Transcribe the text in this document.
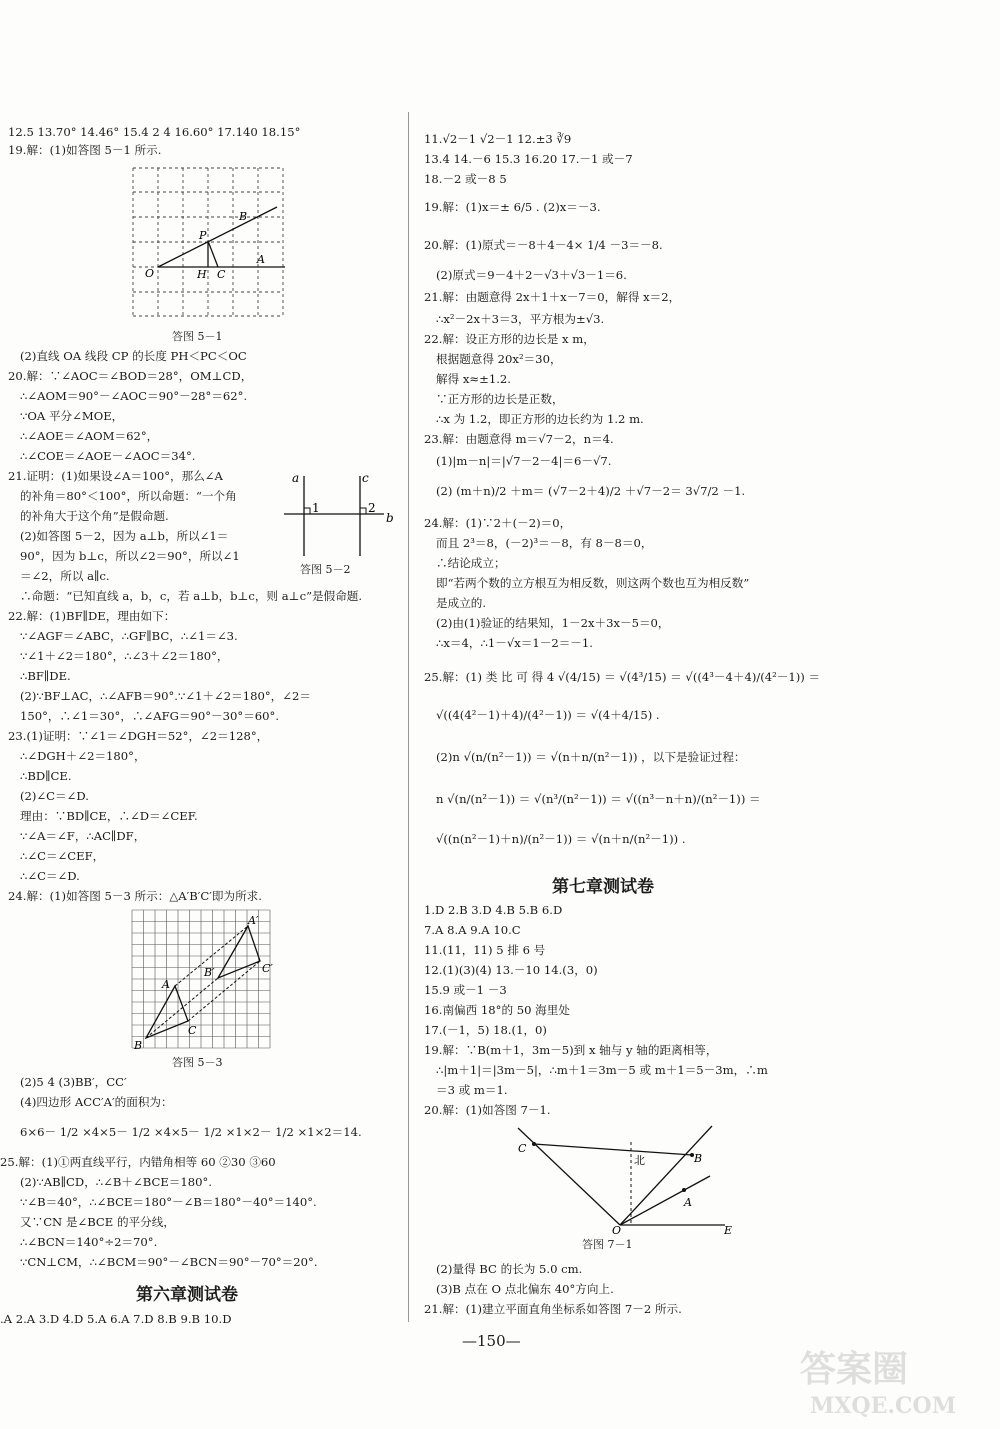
12.5 13.70° 14.46° 15.4 2 4 16.60° 17.140 18.15°
19.解：(1)如答图 5－1 所示.
B
P
O	H C
A
答图 5－1
(2)直线 OA 线段 CP 的长度 PH＜PC＜OC
20.解：∵∠AOC＝∠BOD＝28°，OM⊥CD，
∴∠AOM＝90°－∠AOC＝90°－28°＝62°.
∵OA 平分∠MOE，
∴∠AOE＝∠AOM＝62°，
∴∠COE＝∠AOE－∠AOC＝34°.
21.证明：(1)如果设∠A＝100°，那么∠A
的补角＝80°＜100°，所以命题：“一个角
的补角大于这个角”是假命题.
(2)如答图 5－2，因为 a⊥b，所以∠1＝
90°，因为 b⊥c，所以∠2＝90°，所以∠1
＝∠2，所以 a∥c.
a	c
b
1	2
答图 5－2
∴命题：“已知直线 a，b，c，若 a⊥b，b⊥c，则 a⊥c”是假命题.
22.解：(1)BF∥DE，理由如下：
∵∠AGF＝∠ABC，∴GF∥BC，∴∠1＝∠3.
∵∠1＋∠2＝180°，∴∠3＋∠2＝180°，
∴BF∥DE.
(2)∵BF⊥AC，∴∠AFB＝90°.∵∠1＋∠2＝180°，∠2＝
150°，∴∠1＝30°，∴∠AFG＝90°－30°＝60°.
23.(1)证明：∵∠1＝∠DGH＝52°，∠2＝128°，
∴∠DGH＋∠2＝180°，
∴BD∥CE.
(2)∠C＝∠D.
理由：∵BD∥CE，∴∠D＝∠CEF.
∵∠A＝∠F，∴AC∥DF，
∴∠C＝∠CEF，
∴∠C＝∠D.
24.解：(1)如答图 5－3 所示：△A′B′C′即为所求.
A′
B′	C′
A
B
C
答图 5－3
(2)5 4 (3)BB′，CC′
(4)四边形 ACC′A′的面积为：
6×6－ 1/2 ×4×5－ 1/2 ×4×5－ 1/2 ×1×2－ 1/2 ×1×2＝14.
25.解：(1)①两直线平行，内错角相等 60 ②30 ③60
(2)∵AB∥CD，∴∠B＋∠BCE＝180°.
∵∠B＝40°，∴∠BCE＝180°－∠B＝180°－40°＝140°.
又∵CN 是∠BCE 的平分线，
∴∠BCN＝140°÷2＝70°.
∵CN⊥CM，∴∠BCM＝90°－∠BCN＝90°－70°＝20°.
第六章测试卷
.A 2.A 3.D 4.D 5.A 6.A 7.D 8.B 9.B 10.D
11.√2－1 √2－1 12.±3 ∛9
13.4 14.－6 15.3 16.20 17.－1 或－7
18.－2 或－8 5
19.解：(1)x＝± 6/5 . (2)x＝－3.
20.解：(1)原式＝－8＋4－4× 1/4 －3＝－8.
(2)原式＝9－4＋2－√3＋√3－1＝6.
21.解：由题意得 2x＋1＋x－7＝0，解得 x＝2，
∴x²－2x＋3＝3，平方根为±√3.
22.解：设正方形的边长是 x m，
根据题意得 20x²＝30，
解得 x≈±1.2.
∵正方形的边长是正数，
∴x 为 1.2，即正方形的边长约为 1.2 m.
23.解：由题意得 m＝√7－2，n＝4.
(1)|m－n|＝|√7－2－4|＝6－√7.
(2) (m＋n)/2 ＋m＝ (√7－2＋4)/2 ＋√7－2＝ 3√7/2 －1.
24.解：(1)∵2＋(－2)＝0，
而且 2³＝8，(－2)³＝－8，有 8－8＝0，
∴结论成立；
即“若两个数的立方根互为相反数，则这两个数也互为相反数”
是成立的.
(2)由(1)验证的结果知，1－2x＋3x－5＝0，
∴x＝4，∴1－√x＝1－2＝－1.
25.解：(1) 类 比 可 得 4 √(4/15) ＝ √(4³/15) ＝ √((4³－4＋4)/(4²－1)) ＝
√((4(4²－1)＋4)/(4²－1)) ＝ √(4＋4/15) .
(2)n √(n/(n²－1)) ＝ √(n＋n/(n²－1)) ，以下是验证过程：
n √(n/(n²－1)) ＝ √(n³/(n²－1)) ＝ √((n³－n＋n)/(n²－1)) ＝
√((n(n²－1)＋n)/(n²－1)) ＝ √(n＋n/(n²－1)) .
第七章测试卷
1.D 2.B 3.D 4.B 5.B 6.D
7.A 8.A 9.A 10.C
11.(11，11) 5 排 6 号
12.(1)(3)(4) 13.－10 14.(3，0)
15.9 或－1 －3
16.南偏西 18°的 50 海里处
17.(－1，5) 18.(1，0)
19.解：∵B(m＋1，3m－5)到 x 轴与 y 轴的距离相等，
∴|m＋1|＝|3m－5|，∴m＋1＝3m－5 或 m＋1＝5－3m，∴m
＝3 或 m＝1.
20.解：(1)如答图 7－1.
C
B
A
O	E
北
答图 7－1
(2)量得 BC 的长为 5.0 cm.
(3)B 点在 O 点北偏东 40°方向上.
21.解：(1)建立平面直角坐标系如答图 7－2 所示.
—150—
答案圈
MXQE.COM
